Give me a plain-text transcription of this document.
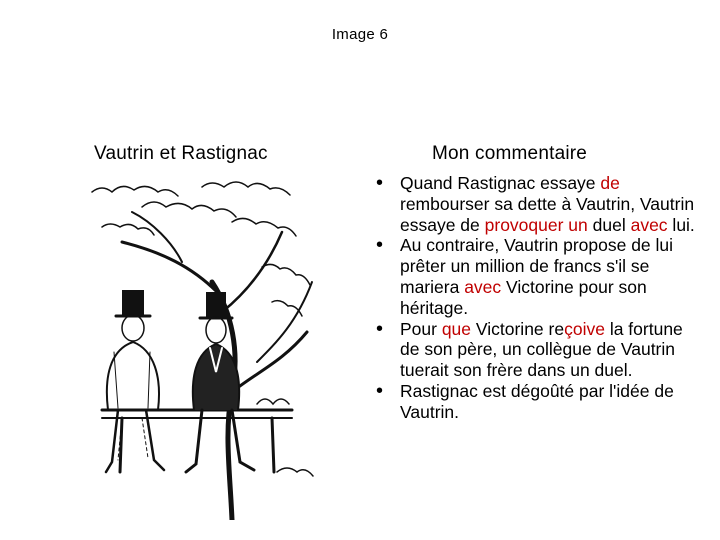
Image 6
Vautrin et Rastignac	Mon commentaire
• Quand Rastignac essaye de rembourser sa dette à Vautrin, Vautrin essaye de provoquer un duel avec lui.
• Au contraire, Vautrin propose de lui prêter un million de francs s'il se mariera avec Victorine pour son héritage.
• Pour que Victorine reçoive la fortune de son père, un collègue de Vautrin tuerait son frère dans un duel.
• Rastignac est dégoûté par l'idée de Vautrin.
